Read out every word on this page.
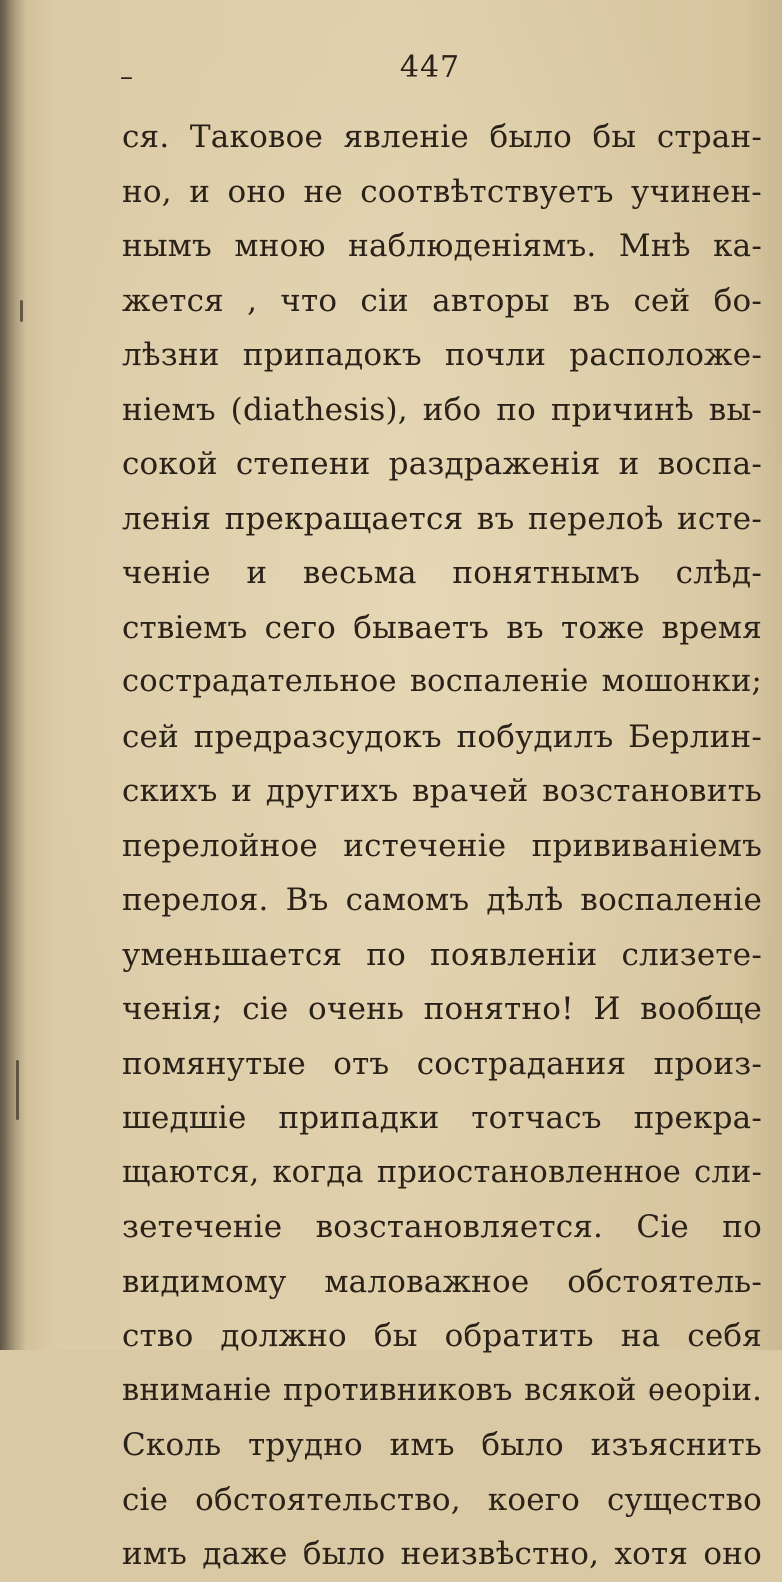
–	447
ся. Таковое явленіе было бы стран-
но, и оно не соотвѣтствуетъ учинен-
нымъ мною наблюденіямъ. Мнѣ ка-
жется , что сіи авторы въ сей бо-
лѣзни припадокъ почли расположе-
ніемъ (diathesis), ибо по причинѣ вы-
сокой степени раздраженія и воспа-
ленія прекращается въ перелоѣ исте-
ченіе и весьма понятнымъ слѣд-
ствіемъ сего бываетъ въ тоже время
сострадательное воспаленіе мошонки;
сей предразсудокъ побудилъ Берлин-
скихъ и другихъ врачей возстановить
перелойное истеченіе прививаніемъ
перелоя. Въ самомъ дѣлѣ воспаленіе
уменьшается по появленіи слизете-
ченія; сіе очень понятно! И вообще
помянутые отъ сострадания произ-
шедшіе припадки тотчасъ прекра-
щаются, когда приостановленное сли-
зетеченіе возстановляется. Сіе по
видимому маловажное обстоятель-
ство должно бы обратить на себя
вниманіе противниковъ всякой ѳеоріи.
Сколь трудно имъ было изъяснить
сіе обстоятельство, коего существо
имъ даже было неизвѣстно, хотя оно
